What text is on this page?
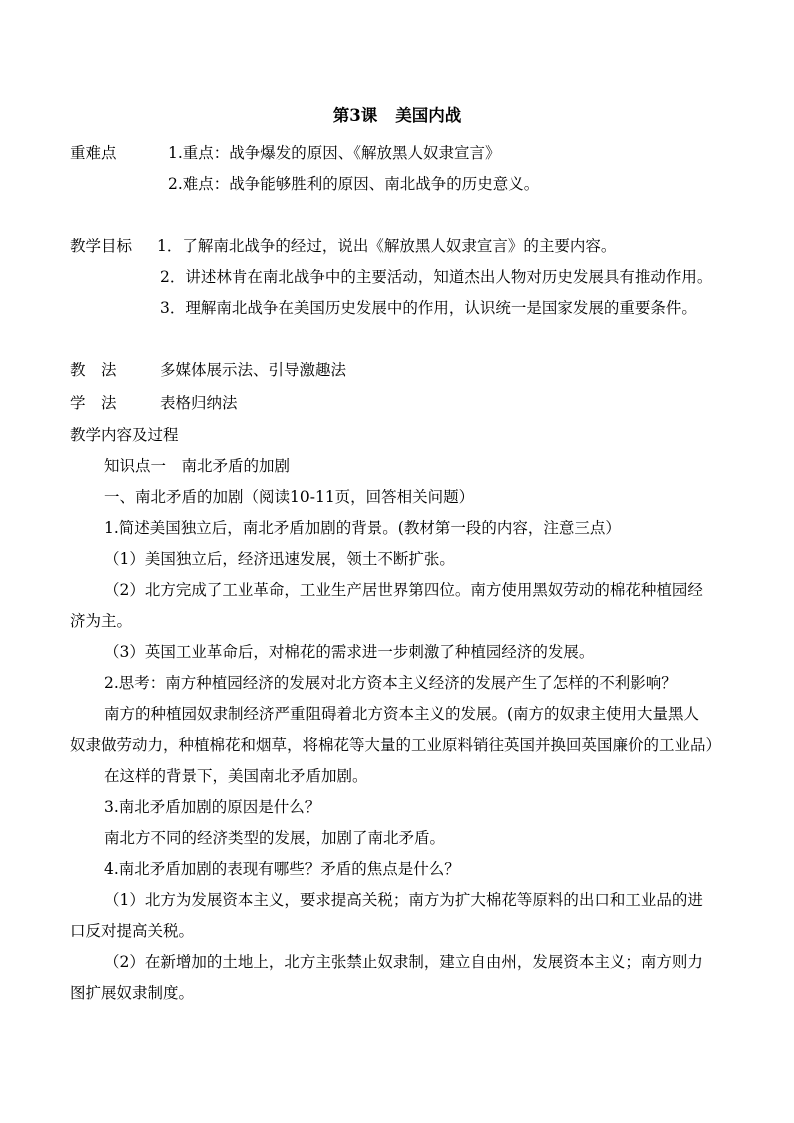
第3课 美国内战
重难点	1.重点：战争爆发的原因、《解放黑人奴隶宣言》
2.难点：战争能够胜利的原因、南北战争的历史意义。
教学目标 1．了解南北战争的经过，说出《解放黑人奴隶宣言》的主要内容。
2．讲述林肯在南北战争中的主要活动，知道杰出人物对历史发展具有推动作用。
3．理解南北战争在美国历史发展中的作用，认识统一是国家发展的重要条件。
教　法	多媒体展示法、引导激趣法
学　法	表格归纳法
教学内容及过程
知识点一　南北矛盾的加剧
一、南北矛盾的加剧（阅读10-11页，回答相关问题）
1.简述美国独立后，南北矛盾加剧的背景。(教材第一段的内容，注意三点）
（1）美国独立后，经济迅速发展，领土不断扩张。
（2）北方完成了工业革命，工业生产居世界第四位。南方使用黑奴劳动的棉花种植园经
济为主。
（3）英国工业革命后，对棉花的需求进一步刺激了种植园经济的发展。
2.思考：南方种植园经济的发展对北方资本主义经济的发展产生了怎样的不利影响？
南方的种植园奴隶制经济严重阻碍着北方资本主义的发展。(南方的奴隶主使用大量黑人
奴隶做劳动力，种植棉花和烟草，将棉花等大量的工业原料销往英国并换回英国廉价的工业品）
在这样的背景下，美国南北矛盾加剧。
3.南北矛盾加剧的原因是什么？
南北方不同的经济类型的发展，加剧了南北矛盾。
4.南北矛盾加剧的表现有哪些？矛盾的焦点是什么？
（1）北方为发展资本主义，要求提高关税；南方为扩大棉花等原料的出口和工业品的进
口反对提高关税。
（2）在新增加的土地上，北方主张禁止奴隶制，建立自由州，发展资本主义；南方则力
图扩展奴隶制度。
